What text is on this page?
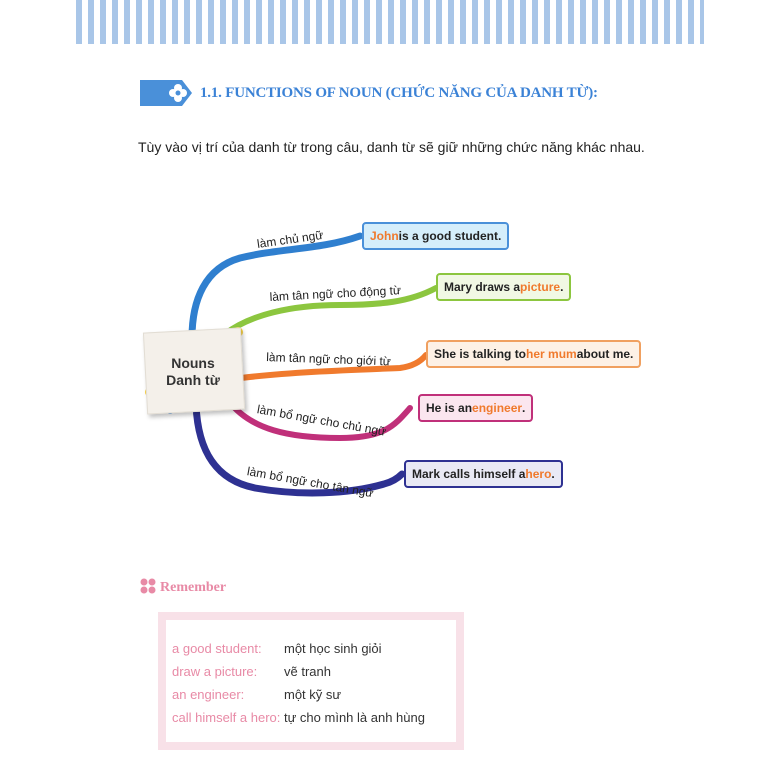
1.1. FUNCTIONS OF NOUN (CHỨC NĂNG CỦA DANH TỪ):
Tùy vào vị trí của danh từ trong câu, danh từ sẽ giữ những chức năng khác nhau.
Nouns
Danh từ
làm chủ ngữ
làm tân ngữ cho động từ
làm tân ngữ cho giới từ
làm bổ ngữ cho chủ ngữ
làm bổ ngữ cho tân ngữ
John is a good student.
Mary draws a picture .
She is talking to her mum about me.
He is an engineer .
Mark calls himself a hero .
Remember
a good student: một học sinh giỏi
draw a picture: vẽ tranh
an engineer:	một kỹ sư
call himself a hero: tự cho mình là anh hùng
